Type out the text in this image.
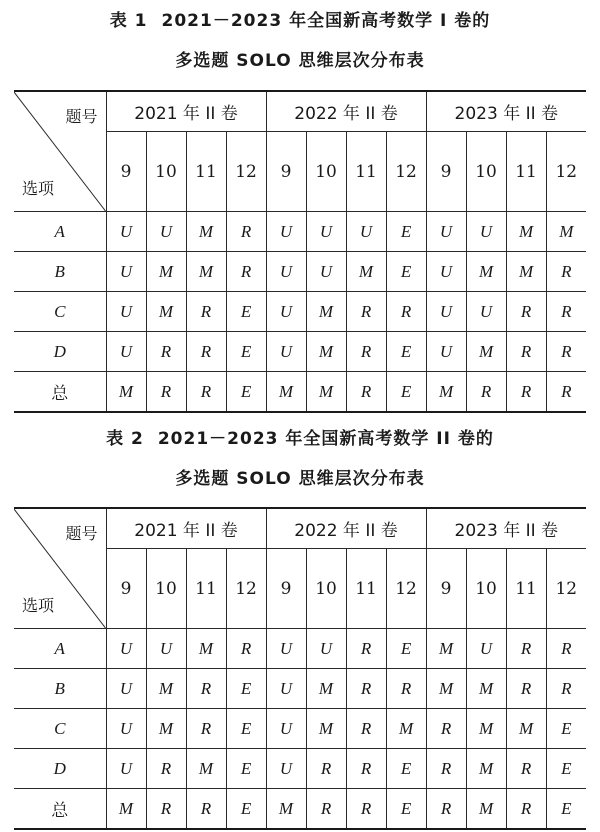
表 1 2021－2023 年全国新高考数学 I 卷的
多选题 SOLO 思维层次分布表
题号
选项	2021 年 II 卷				2022 年 II 卷				2023 年 II 卷			
	9	10	11	12	9	10	11	12	9	10	11	12
A	U	U	M	R	U	U	U	E	U	U	M	M
B	U	M	M	R	U	U	M	E	U	M	M	R
C	U	M	R	E	U	M	R	R	U	U	R	R
D	U	R	R	E	U	M	R	E	U	M	R	R
总	M	R	R	E	M	M	R	E	M	R	R	R
表 2 2021－2023 年全国新高考数学 II 卷的
多选题 SOLO 思维层次分布表
题号
选项	2021 年 II 卷				2022 年 II 卷				2023 年 II 卷			
	9	10	11	12	9	10	11	12	9	10	11	12
A	U	U	M	R	U	U	R	E	M	U	R	R
B	U	M	R	E	U	M	R	R	M	M	R	R
C	U	M	R	E	U	M	R	M	R	M	M	E
D	U	R	M	E	U	R	R	E	R	M	R	E
总	M	R	R	E	M	R	R	E	R	M	R	E
